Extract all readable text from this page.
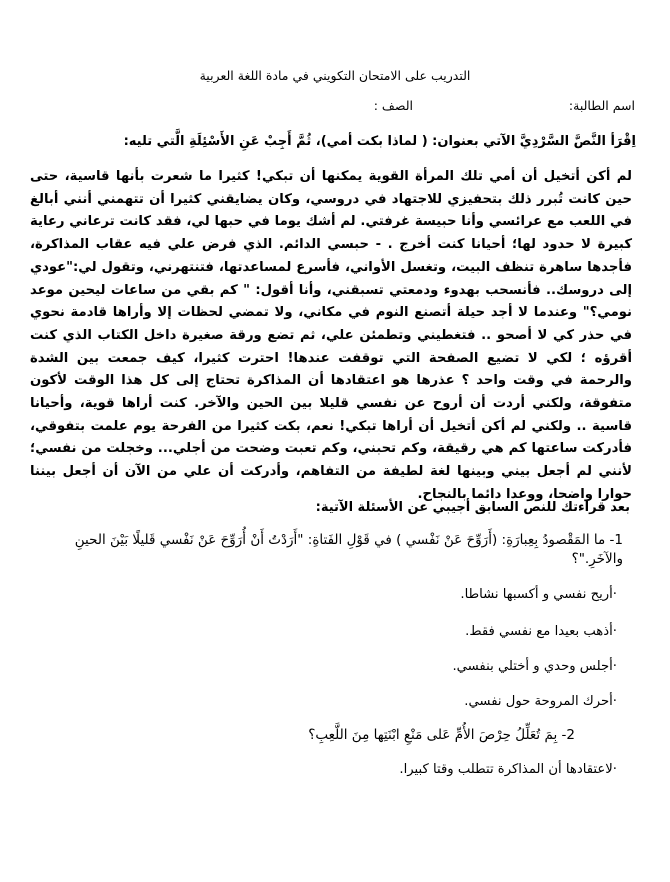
التدريب على الامتحان التكويني في مادة اللغة العربية
اسم الطالبة:
الصف :
اِقْرَأ النَّصَّ السَّرْدِيَّ الآتي بعنوان: ( لماذا بكت أمي)، ثُمَّ أَجِبْ عَنِ الأَسْئِلَةِ الَّتي تليه:
لم أكن أتخيل أن أمي تلك المرأة القوية يمكنها أن تبكي! كثيرا ما شعرت بأنها قاسية، حتى حين كانت تُبرر ذلك بتحفيزي للاجتهاد في دروسي، وكان يضايقني كثيرا أن تتهمني أنني أبالغ في اللعب مع عرائسي وأنا حبيسة غرفتي. لم أشك يوما في حبها لي، فقد كانت ترعاني رعاية كبيرة لا حدود لها؛ أحيانا كنت أخرج . - حبسي الدائم. الذي فرض علي فيه عقاب المذاكرة، فأجدها ساهرة تنظف البيت، وتغسل الأواني، فأسرع لمساعدتها، فتنتهرني، وتقول لي:"عودي إلى دروسك.. فأنسحب بهدوء ودمعتي تسبقني، وأنا أقول: " كم بقي من ساعات ليحين موعد نومي؟" وعندما لا أجد حيلة أتصنع النوم في مكاني، ولا تمضي لحظات إلا وأراها قادمة نحوي في حذر كي لا أصحو .. فتغطيني وتطمئن علي، ثم تضع ورقة صغيرة داخل الكتاب الذي كنت أقرؤه ؛ لكي لا تضيع الصفحة التي توقفت عندها! احترت كثيرا، كيف جمعت بين الشدة والرحمة في وقت واحد ؟ عذرها هو اعتقادها أن المذاكرة تحتاج إلى كل هذا الوقت لأكون متفوقة، ولكني أردت أن أروح عن نفسي قليلا بين الحين والآخر. كنت أراها قوية، وأحيانا قاسية .. ولكني لم أكن أتخيل أن أراها تبكي! نعم، بكت كثيرا من الفرحة يوم علمت بتفوقي، فأدركت ساعتها كم هي رقيقة، وكم تحبني، وكم تعبت وضحت من أجلي... وخجلت من نفسي؛ لأنني لم أجعل بيني وبينها لغة لطيفة من التفاهم، وأدركت أن علي من الآن أن أجعل بيننا حوارا واضحا، ووعدا دائما بالنجاح.
بعد قراءتك للنص السابق أجيبي عن الأسئلة الآتية:
1- ما المَقْصودُ بِعِبارَةِ: (أَرَوِّحَ عَنْ نَفْسي ) في قَوْلِ الفَتاةِ: "أَرَدْتُ أَنْ أُرَوِّحَ عَنْ نَفْسي قَليلًا بَيْنَ الحينِ والآخَرِ."؟
·أريح نفسي و أكسبها نشاطا.
·أذهب بعيدا مع نفسي فقط.
·أجلس وحدي و أختلي بنفسي.
·أحرك المروحة حول نفسي.
2- بِمَ تُعَلِّلُ حِرْصَ الأُمِّ عَلى مَنْعِ ابْنَتِها مِنَ اللَّعِبِ؟
·لاعتقادها أن المذاكرة تتطلب وقتا كبيرا.
